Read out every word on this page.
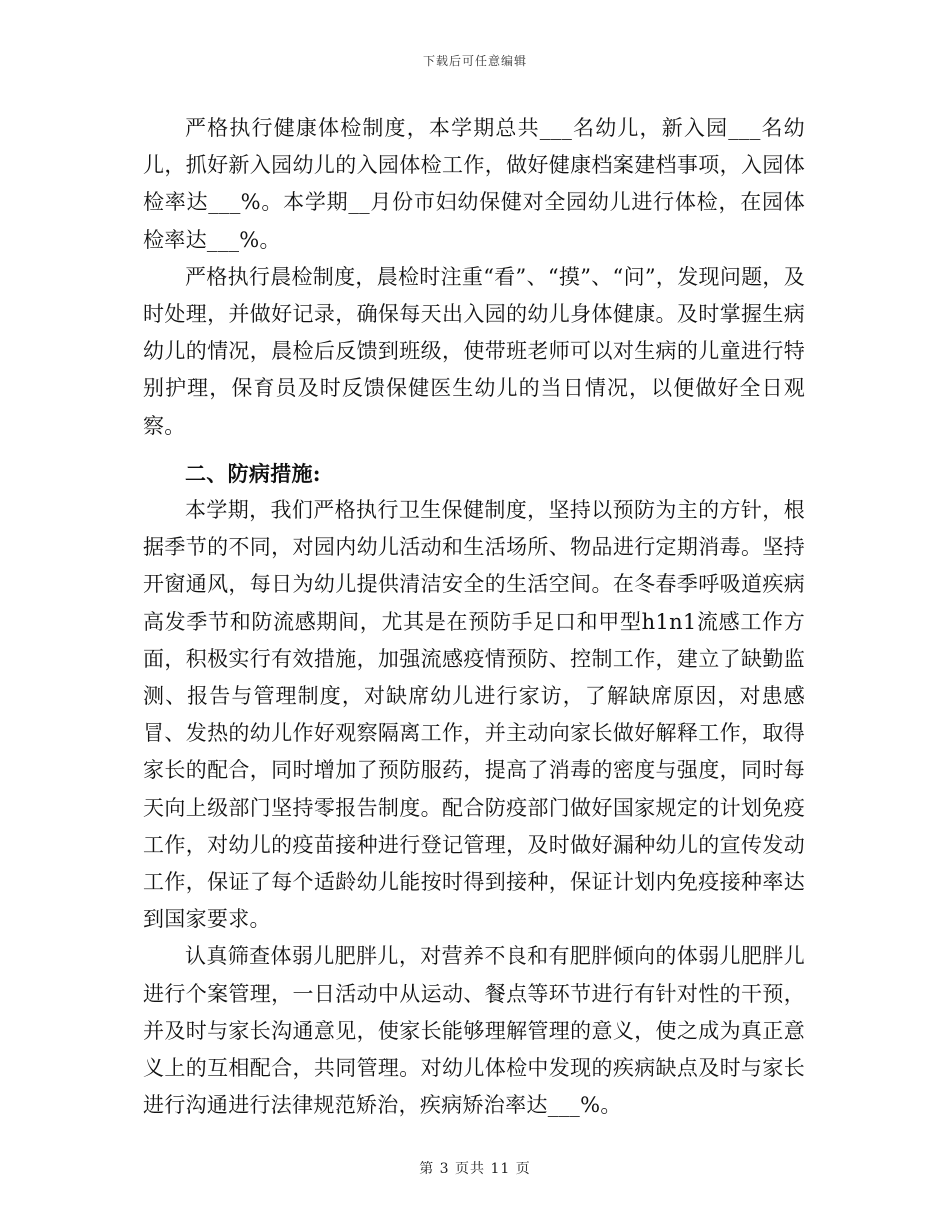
下载后可任意编辑

严格执行健康体检制度，本学期总共___名幼儿，新入园___名幼儿，抓好新入园幼儿的入园体检工作，做好健康档案建档事项，入园体检率达___%。本学期__月份市妇幼保健对全园幼儿进行体检，在园体检率达___%。

严格执行晨检制度，晨检时注重“看”、“摸”、“问”，发现问题，及时处理，并做好记录，确保每天出入园的幼儿身体健康。及时掌握生病幼儿的情况，晨检后反馈到班级，使带班老师可以对生病的儿童进行特别护理，保育员及时反馈保健医生幼儿的当日情况，以便做好全日观察。

二、防病措施:

本学期，我们严格执行卫生保健制度，坚持以预防为主的方针，根据季节的不同，对园内幼儿活动和生活场所、物品进行定期消毒。坚持开窗通风，每日为幼儿提供清洁安全的生活空间。在冬春季呼吸道疾病高发季节和防流感期间，尤其是在预防手足口和甲型h1n1流感工作方面，积极实行有效措施，加强流感疫情预防、控制工作，建立了缺勤监测、报告与管理制度，对缺席幼儿进行家访，了解缺席原因，对患感冒、发热的幼儿作好观察隔离工作，并主动向家长做好解释工作，取得家长的配合，同时增加了预防服药，提高了消毒的密度与强度，同时每天向上级部门坚持零报告制度。配合防疫部门做好国家规定的计划免疫工作，对幼儿的疫苗接种进行登记管理，及时做好漏种幼儿的宣传发动工作，保证了每个适龄幼儿能按时得到接种，保证计划内免疫接种率达到国家要求。

认真筛查体弱儿肥胖儿，对营养不良和有肥胖倾向的体弱儿肥胖儿进行个案管理，一日活动中从运动、餐点等环节进行有针对性的干预，并及时与家长沟通意见，使家长能够理解管理的意义，使之成为真正意义上的互相配合，共同管理。对幼儿体检中发现的疾病缺点及时与家长进行沟通进行法律规范矫治，疾病矫治率达___%。

第 3 页共 11 页
